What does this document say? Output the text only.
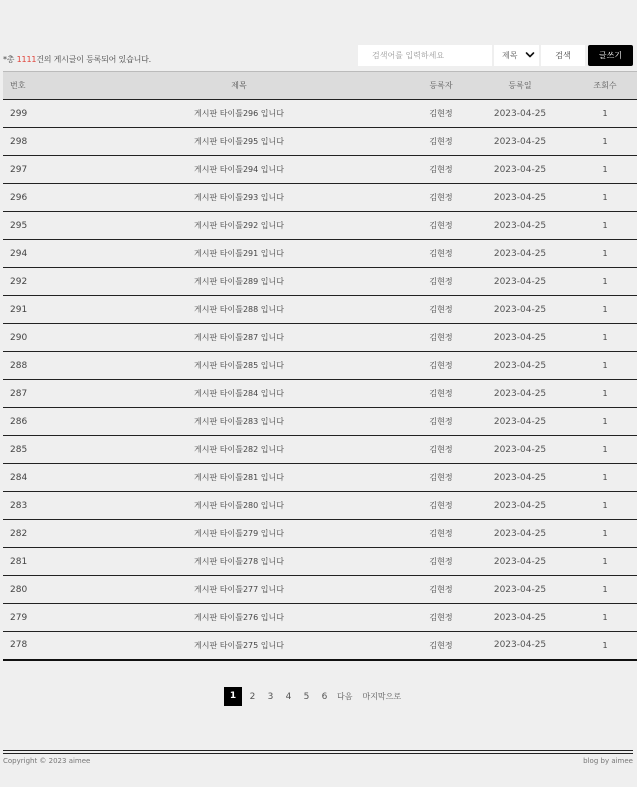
*총 1111건의 게시글이 등록되어 있습니다.
검색어를 입력하세요	제목	검색	글쓰기
번호	제목	등록자	등록일	조회수
299	게시판 타이틀296 입니다	김현정	2023-04-25	1
298	게시판 타이틀295 입니다	김현정	2023-04-25	1
297	게시판 타이틀294 입니다	김현정	2023-04-25	1
296	게시판 타이틀293 입니다	김현정	2023-04-25	1
295	게시판 타이틀292 입니다	김현정	2023-04-25	1
294	게시판 타이틀291 입니다	김현정	2023-04-25	1
292	게시판 타이틀289 입니다	김현정	2023-04-25	1
291	게시판 타이틀288 입니다	김현정	2023-04-25	1
290	게시판 타이틀287 입니다	김현정	2023-04-25	1
288	게시판 타이틀285 입니다	김현정	2023-04-25	1
287	게시판 타이틀284 입니다	김현정	2023-04-25	1
286	게시판 타이틀283 입니다	김현정	2023-04-25	1
285	게시판 타이틀282 입니다	김현정	2023-04-25	1
284	게시판 타이틀281 입니다	김현정	2023-04-25	1
283	게시판 타이틀280 입니다	김현정	2023-04-25	1
282	게시판 타이틀279 입니다	김현정	2023-04-25	1
281	게시판 타이틀278 입니다	김현정	2023-04-25	1
280	게시판 타이틀277 입니다	김현정	2023-04-25	1
279	게시판 타이틀276 입니다	김현정	2023-04-25	1
278	게시판 타이틀275 입니다	김현정	2023-04-25	1
1	2 3 4 5 6	다음 마지막으로
Copyright © 2023 aimee	blog by aimee
